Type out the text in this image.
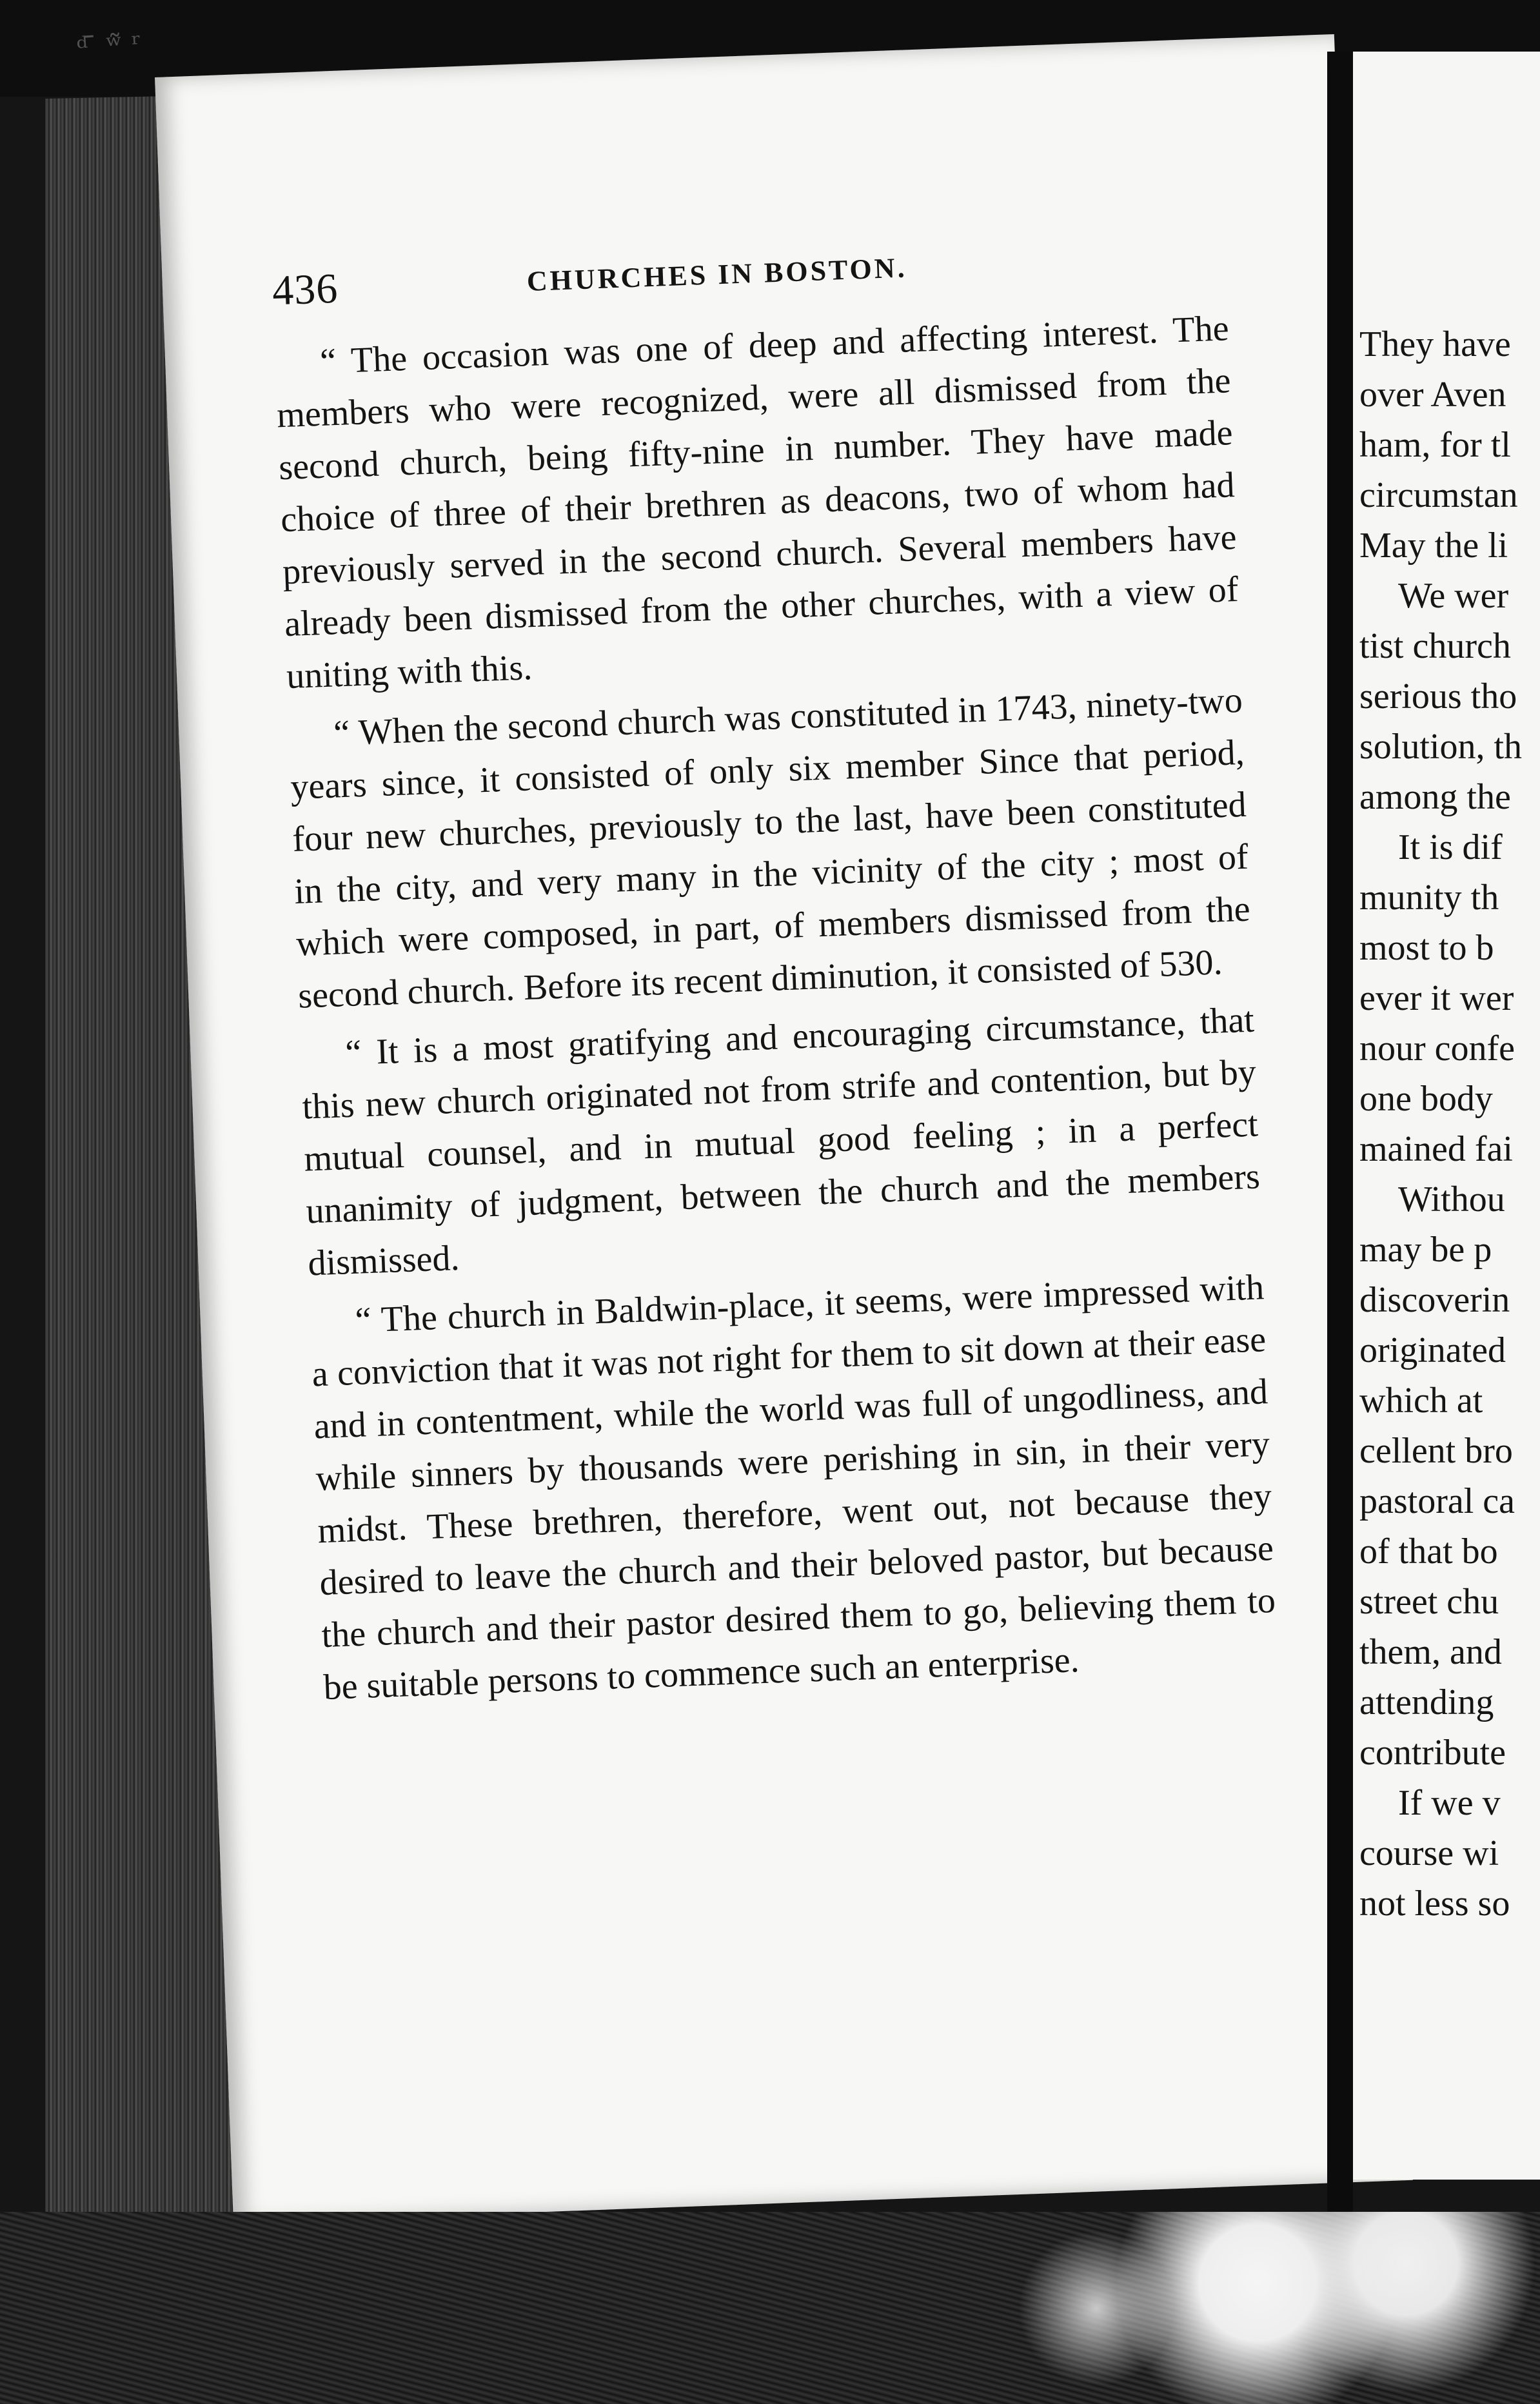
ᵈ ̄ ʷ̃ ʳ
436	CHURCHES IN BOSTON.

“ The occasion was one of deep and affecting interest. The members who were recognized, were all dismissed from the second church, being fifty-nine in number. They have made choice of three of their brethren as deacons, two of whom had previously served in the second church. Several members have already been dismissed from the other churches, with a view of uniting with this.

“ When the second church was constituted in 1743, ninety-two years since, it consisted of only six member Since that period, four new churches, previously to the last, have been constituted in the city, and very many in the vicinity of the city ; most of which were composed, in part, of members dismissed from the second church. Before its recent diminution, it consisted of 530.

“ It is a most gratifying and encouraging circumstance, that this new church originated not from strife and contention, but by mutual counsel, and in mutual good feeling ; in a perfect unanimity of judgment, between the church and the members dismissed.

“ The church in Baldwin-place, it seems, were impressed with a conviction that it was not right for them to sit down at their ease and in contentment, while the world was full of ungodliness, and while sinners by thousands were perishing in sin, in their very midst. These brethren, therefore, went out, not because they desired to leave the church and their beloved pastor, but because the church and their pastor desired them to go, believing them to be suitable persons to commence such an enterprise.

They have
over Aven
ham, for tl
circumstan
May the li
We wer
tist church
serious tho
solution, th
among the
It is dif
munity th
most to b
ever it wer
nour confe
one body
mained fai
Withou
may be p
discoverin
originated
which at
cellent bro
pastoral ca
of that bo
street chu
them, and
attending
contribute
If we v
course wi
not less so
